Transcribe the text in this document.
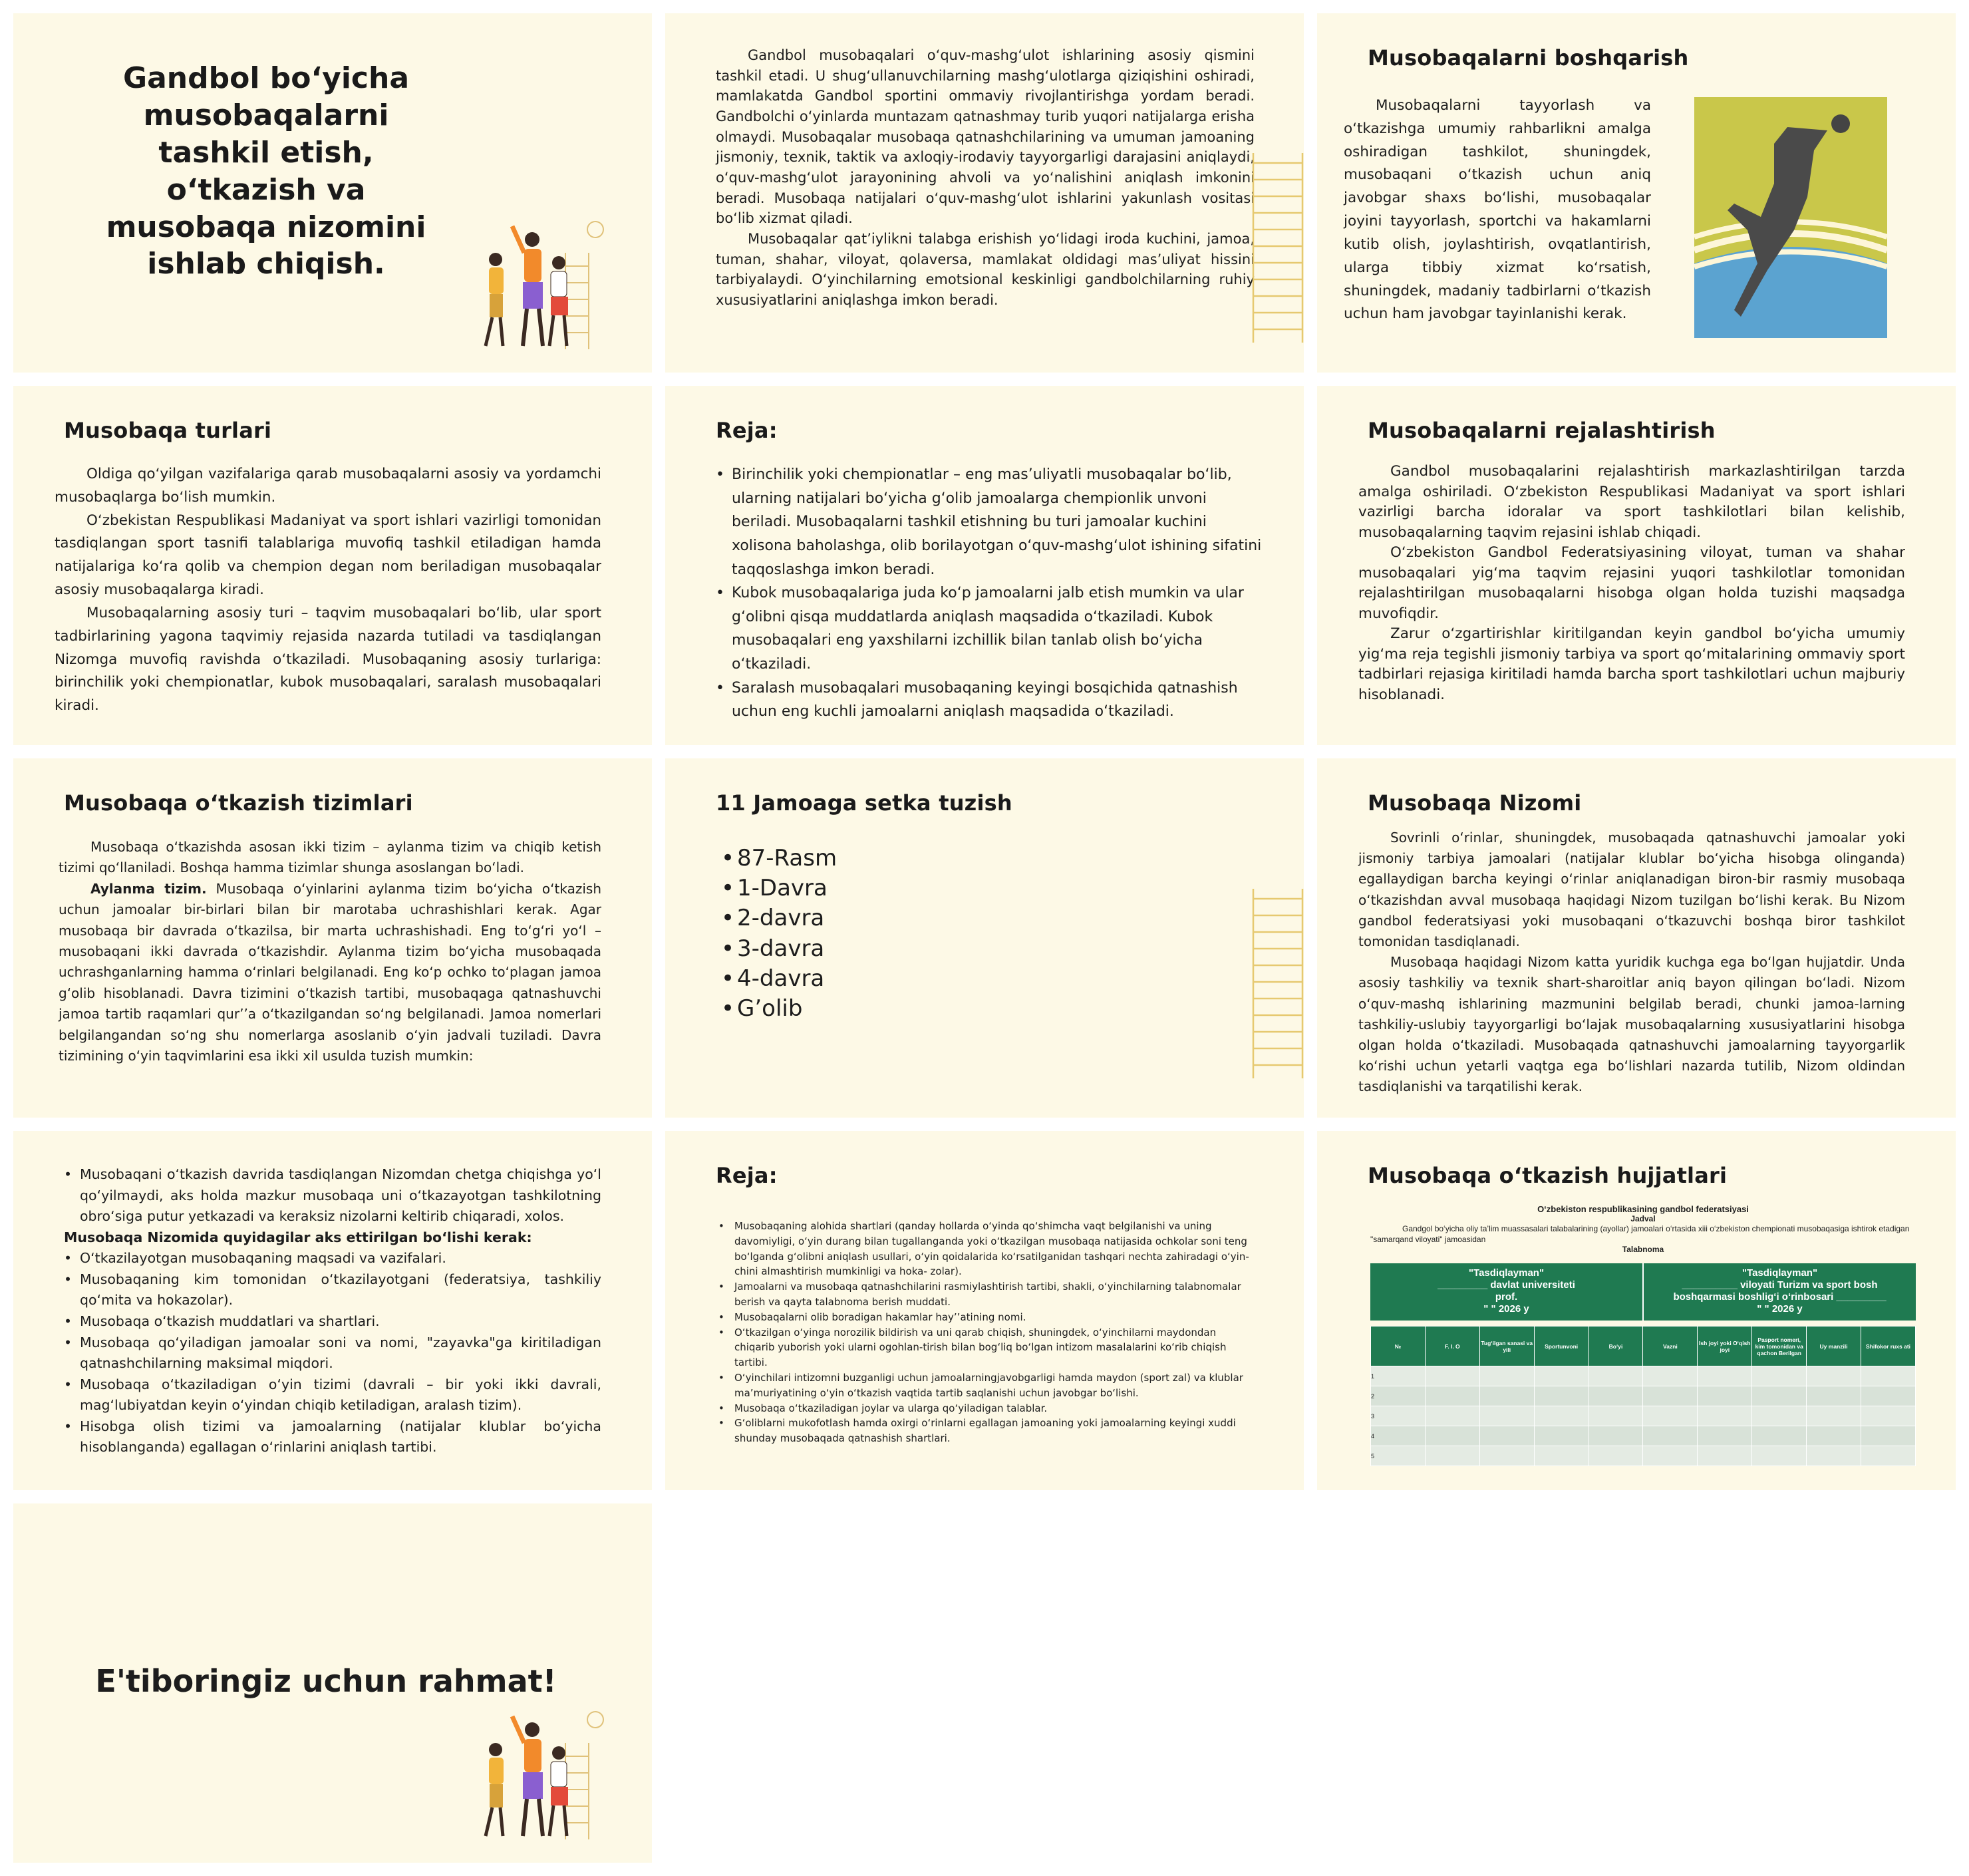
Gandbol bo‘yicha musobaqalarni tashkil etish, o‘tkazish va musobaqa nizomini ishlab chiqish.

Gandbol musobaqalari o‘quv-mashg‘ulot ishlarining asosiy qismini tashkil etadi. U shug‘ullanuvchilarning mashg‘ulotlarga qiziqishini oshiradi, mamlakatda Gandbol sportini ommaviy rivojlantirishga yordam beradi. Gandbolchi o‘yinlarda muntazam qatnashmay turib yuqori natijalarga erisha olmaydi. Musobaqalar musobaqa qatnashchilarining va umuman jamoaning jismoniy, texnik, taktik va axloqiy-irodaviy tayyorgarligi darajasini aniqlaydi, o‘quv-mashg‘ulot jarayonining ahvoli va yo‘nalishini aniqlash imkonini beradi. Musobaqa natijalari o‘quv-mashg‘ulot ishlarini yakunlash vositasi bo‘lib xizmat qiladi.

Musobaqalar qat’iylikni talabga erishish yo‘lidagi iroda kuchini, jamoa, tuman, shahar, viloyat, qolaversa, mamlakat oldidagi mas’uliyat hissini tarbiyalaydi. O‘yinchilarning emotsional keskinligi gandbolchilarning ruhiy xususiyatlarini aniqlashga imkon beradi.

Musobaqalarni boshqarish

Musobaqalarni tayyorlash va o‘tkazishga umumiy rahbarlikni amalga oshiradigan tashkilot, shuningdek, musobaqani o‘tkazish uchun aniq javobgar shaxs bo‘lishi, musobaqalar joyini tayyorlash, sportchi va hakamlarni kutib olish, joylashtirish, ovqatlantirish, ularga tibbiy xizmat ko‘rsatish, shuningdek, madaniy tadbirlarni o‘tkazish uchun ham javobgar tayinlanishi kerak.

Musobaqa turlari

Oldiga qo‘yilgan vazifalariga qarab musobaqalarni asosiy va yordamchi musobaqlarga bo‘lish mumkin.

O‘zbekistan Respublikasi Madaniyat va sport ishlari vazirligi tomonidan tasdiqlangan sport tasnifi talablariga muvofiq tashkil etiladigan hamda natijalariga ko‘ra qolib va chempion degan nom beriladigan musobaqalar asosiy musobaqalarga kiradi.

Musobaqalarning asosiy turi – taqvim musobaqalari bo‘lib, ular sport tadbirlarining yagona taqvimiy rejasida nazarda tutiladi va tasdiqlangan Nizomga muvofiq ravishda o‘tkaziladi. Musobaqaning asosiy turlariga: birinchilik yoki chempionatlar, kubok musobaqalari, saralash musobaqalari kiradi.

Reja:
• Birinchilik yoki chempionatlar – eng mas’uliyatli musobaqalar bo‘lib, ularning natijalari bo‘yicha g‘olib jamoalarga chempionlik unvoni beriladi. Musobaqalarni tashkil etishning bu turi jamoalar kuchini xolisona baholashga, olib borilayotgan o‘quv-mashg‘ulot ishining sifatini taqqoslashga imkon beradi.
• Kubok musobaqalariga juda ko‘p jamoalarni jalb etish mumkin va ular g‘olibni qisqa muddatlarda aniqlash maqsadida o‘tkaziladi. Kubok musobaqalari eng yaxshilarni izchillik bilan tanlab olish bo‘yicha o‘tkaziladi.
• Saralash musobaqalari musobaqaning keyingi bosqichida qatnashish uchun eng kuchli jamoalarni aniqlash maqsadida o‘tkaziladi.
Musobaqalarni rejalashtirish

Gandbol musobaqalarini rejalashtirish markazlashtirilgan tarzda amalga oshiriladi. O‘zbekiston Respublikasi Madaniyat va sport ishlari vazirligi barcha idoralar va sport tashkilotlari bilan kelishib, musobaqalarning taqvim rejasini ishlab chiqadi.

O‘zbekiston Gandbol Federatsiyasining viloyat, tuman va shahar musobaqalari yig‘ma taqvim rejasini yuqori tashkilotlar tomonidan rejalashtirilgan musobaqalarni hisobga olgan holda tuzishi maqsadga muvofiqdir.

Zarur o‘zgartirishlar kiritilgandan keyin gandbol bo‘yicha umumiy yig‘ma reja tegishli jismoniy tarbiya va sport qo‘mitalarining ommaviy sport tadbirlari rejasiga kiritiladi hamda barcha sport tashkilotlari uchun majburiy hisoblanadi.

Musobaqa o‘tkazish tizimlari

Musobaqa o‘tkazishda asosan ikki tizim – aylanma tizim va chiqib ketish tizimi qo‘llaniladi. Boshqa hamma tizimlar shunga asoslangan bo‘ladi.

Aylanma tizim. Musobaqa o‘yinlarini aylanma tizim bo‘yicha o‘tkazish uchun jamoalar bir-birlari bilan bir marotaba uchrashishlari kerak. Agar musobaqa bir davrada o‘tkazilsa, bir marta uchrashishadi. Eng to‘g‘ri yo‘l – musobaqani ikki davrada o‘tkazishdir. Aylanma tizim bo‘yicha musobaqada uchrashganlarning hamma o‘rinlari belgilanadi. Eng ko‘p ochko to‘plagan jamoa g‘olib hisoblanadi. Davra tizimini o‘tkazish tartibi, musobaqaga qatnashuvchi jamoa tartib raqamlari qur’’a o‘tkazilgandan so‘ng belgilanadi. Jamoa nomerlari belgilangandan so‘ng shu nomerlarga asoslanib o‘yin jadvali tuziladi. Davra tizimining o‘yin taqvimlarini esa ikki xil usulda tuzish mumkin:

11 Jamoaga setka tuzish
• 87-Rasm
• 1-Davra
• 2-davra
• 3-davra
• 4-davra
• G’olib
Musobaqa Nizomi

Sovrinli o‘rinlar, shuningdek, musobaqada qatnashuvchi jamoalar yoki jismoniy tarbiya jamoalari (natijalar klublar bo‘yicha hisobga olinganda) egallaydigan barcha keyingi o‘rinlar aniqlanadigan biron-bir rasmiy musobaqa o‘tkazishdan avval musobaqa haqidagi Nizom tuzilgan bo‘lishi kerak. Bu Nizom gandbol federatsiyasi yoki musobaqani o‘tkazuvchi boshqa biror tashkilot tomonidan tasdiqlanadi.

Musobaqa haqidagi Nizom katta yuridik kuchga ega bo‘lgan hujjatdir. Unda asosiy tashkiliy va texnik shart-sharoitlar aniq bayon qilingan bo‘ladi. Nizom o‘quv-mashq ishlarining mazmunini belgilab beradi, chunki jamoa-larning tashkiliy-uslubiy tayyorgarligi bo‘lajak musobaqalarning xususiyatlarini hisobga olgan holda o‘tkaziladi. Musobaqada qatnashuvchi jamoalarning tayyorgarlik ko‘rishi uchun yetarli vaqtga ega bo‘lishlari nazarda tutilib, Nizom oldindan tasdiqlanishi va tarqatilishi kerak.

• Musobaqani o‘tkazish davrida tasdiqlangan Nizomdan chetga chiqishga yo‘l qo‘yilmaydi, aks holda mazkur musobaqa uni o‘tkazayotgan tashkilotning obro‘siga putur yetkazadi va keraksiz nizolarni keltirib chiqaradi, xolos.
Musobaqa Nizomida quyidagilar aks ettirilgan bo‘lishi kerak:
• O‘tkazilayotgan musobaqaning maqsadi va vazifalari.
• Musobaqaning kim tomonidan o‘tkazilayotgani (federatsiya, tashkiliy qo‘mita va hokazolar).
• Musobaqa o‘tkazish muddatlari va shartlari.
• Musobaqa qo‘yiladigan jamoalar soni va nomi, "zayavka"ga kiritiladigan qatnashchilarning maksimal miqdori.
• Musobaqa o‘tkaziladigan o‘yin tizimi (davrali – bir yoki ikki davrali, mag‘lubiyatdan keyin o‘yindan chiqib ketiladigan, aralash tizim).
• Hisobga olish tizimi va jamoalarning (natijalar klublar bo‘yicha hisoblanganda) egallagan o‘rinlarini aniqlash tartibi.
Reja:
• Musobaqaning alohida shartlari (qanday hollarda o‘yinda qo‘shimcha vaqt belgilanishi va uning davomiyligi, o‘yin durang bilan tugallanganda yoki o‘tkazilgan musobaqa natijasida ochkolar soni teng bo‘lganda g‘olibni aniqlash usullari, o‘yin qoidalarida ko‘rsatilganidan tashqari nechta zahiradagi o‘yin-chini almashtirish mumkinligi va hoka- zolar).
• Jamoalarni va musobaqa qatnashchilarini rasmiylashtirish tartibi, shakli, o‘yinchilarning talabnomalar berish va qayta talabnoma berish muddati.
• Musobaqalarni olib boradigan hakamlar hay’’atining nomi.
• O‘tkazilgan o‘yinga norozilik bildirish va uni qarab chiqish, shuningdek, o‘yinchilarni maydondan chiqarib yuborish yoki ularni ogohlan-tirish bilan bog‘liq bo‘lgan intizom masalalarini ko‘rib chiqish tartibi.
• O‘yinchilari intizomni buzganligi uchun jamoalarningjavobgarligi hamda maydon (sport zal) va klublar ma’muriyatining o‘yin o‘tkazish vaqtida tartib saqlanishi uchun javobgar bo‘lishi.
• Musobaqa o‘tkaziladigan joylar va ularga qo‘yiladigan talablar.
• G‘oliblarni mukofotlash hamda oxirgi o‘rinlarni egallagan jamoaning yoki jamoalarning keyingi xuddi shunday musobaqada qatnashish shartlari.
Musobaqa o‘tkazish hujjatlari
O‘zbekiston respublikasining gandbol federatsiyasi
Jadval
Gandgol bo‘yicha oliy ta’lim muassasalari talabalarining (ayollar) jamoalari o‘rtasida xiii o‘zbekiston chempionati musobaqasiga ishtirok etadigan "samarqand viloyati" jamoasidan
Talabnoma
"Tasdiqlayman"
_________ davlat universiteti
prof.
" " 2026 y
"Tasdiqlayman"
__________ viloyati Turizm va sport bosh
boshqarmasi boshlig‘i o‘rinbosari _________
" " 2026 y
№	F. I. O	Tug‘ilgan sanasi va yili	Sportunvoni	Bo‘yi	Vazni	Ish joyi yoki O‘qish joyi	Pasport nomeri, kim tomonidan va qachon Berilgan	Uy manzili	Shifokor ruxs ati
1									
2									
3									
4									
5									
E'tiboringiz uchun rahmat!
